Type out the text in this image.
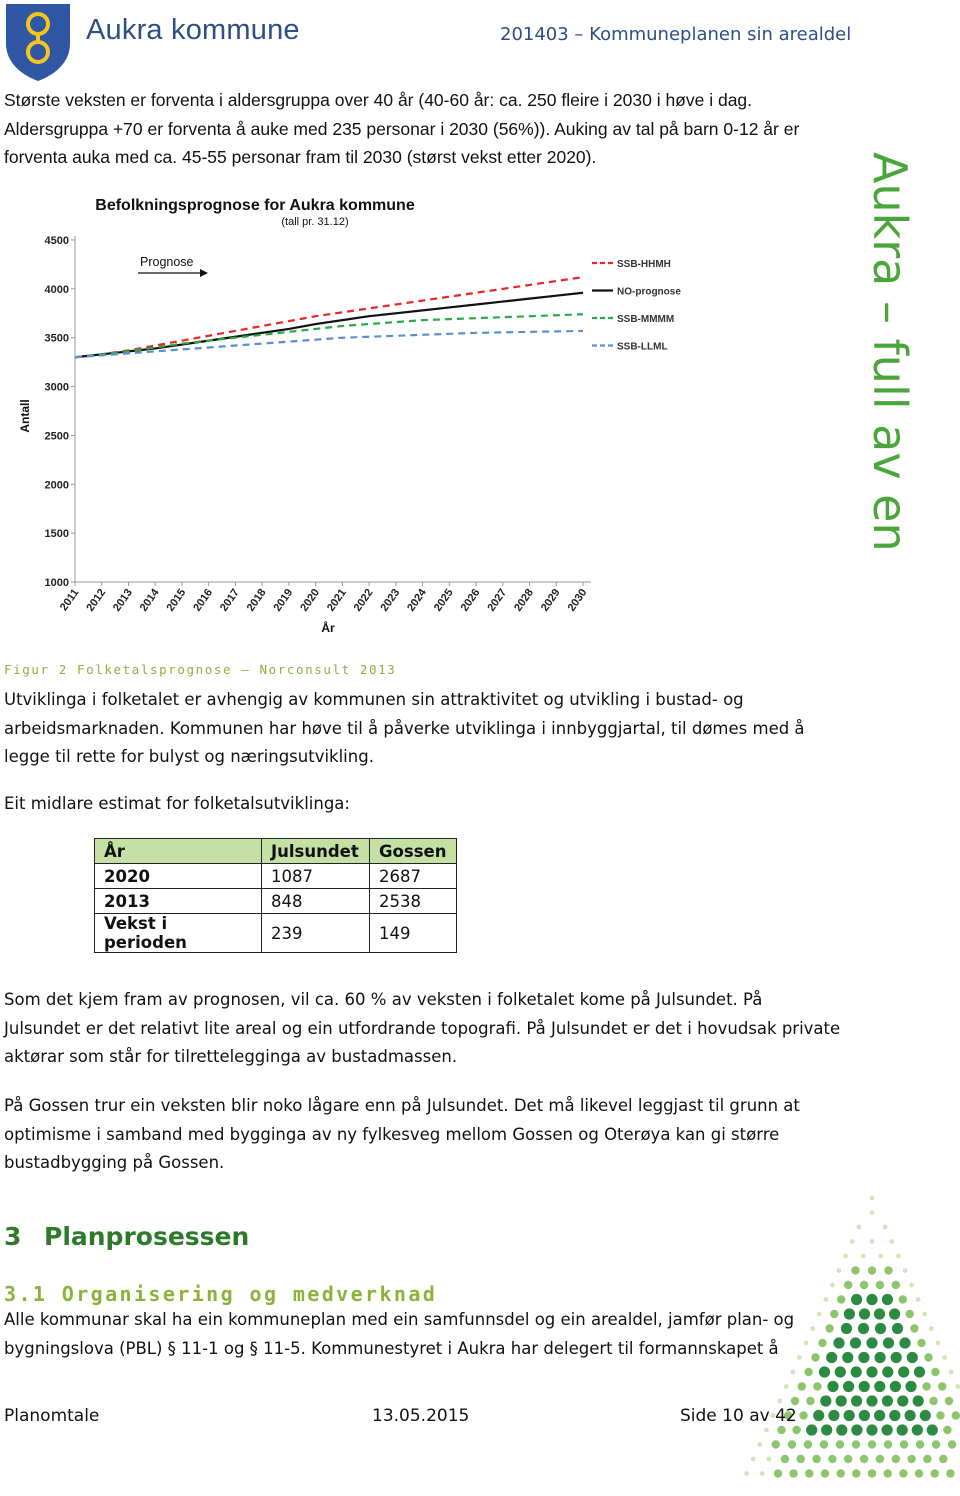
Aukra kommune	201403 – Kommuneplanen sin arealdel
Største veksten er forventa i aldersgruppa over 40 år (40-60 år: ca. 250 fleire i 2030 i høve i dag. Aldersgruppa +70 er forventa å auke med 235 personar i 2030 (56%)). Auking av tal på barn 0-12 år er forventa auka med ca. 45-55 personar fram til 2030 (størst vekst etter 2020).
Befolkningsprognose for Aukra kommune
(tall pr. 31.12)
Antall
År
1000
1500
2000
2500
3000
3500
4000
4500
2011 2012 2013 2014 2015 2016 2017 2018 2019 2020 2021 2022 2023 2024 2025 2026 2027 2028 2029 2030
SSB-HHMH
NO-prognose
SSB-MMMM
SSB-LLML
Prognose	Aukra – full av energi
Figur 2 Folketalsprognose – Norconsult 2013
Utviklinga i folketalet er avhengig av kommunen sin attraktivitet og utvikling i bustad- og arbeidsmarknaden. Kommunen har høve til å påverke utviklinga i innbyggjartal, til dømes med å legge til rette for bulyst og næringsutvikling.
Eit midlare estimat for folketalsutviklinga:
År	Julsundet	Gossen
2020	1087	2687
2013	848	2538
Vekst i perioden	239	149
Som det kjem fram av prognosen, vil ca. 60 % av veksten i folketalet kome på Julsundet. På Julsundet er det relativt lite areal og ein utfordrande topografi. På Julsundet er det i hovudsak private aktørar som står for tilrettelegginga av bustadmassen.
På Gossen trur ein veksten blir noko lågare enn på Julsundet. Det må likevel leggjast til grunn at optimisme i samband med bygginga av ny fylkesveg mellom Gossen og Oterøya kan gi større bustadbygging på Gossen.
3 Planprosessen
3.1 Organisering og medverknad
Alle kommunar skal ha ein kommuneplan med ein samfunnsdel og ein arealdel, jamfør plan- og bygningslova (PBL) § 11-1 og § 11-5. Kommunestyret i Aukra har delegert til formannskapet å
Planomtale	13.05.2015	Side 10 av 42
